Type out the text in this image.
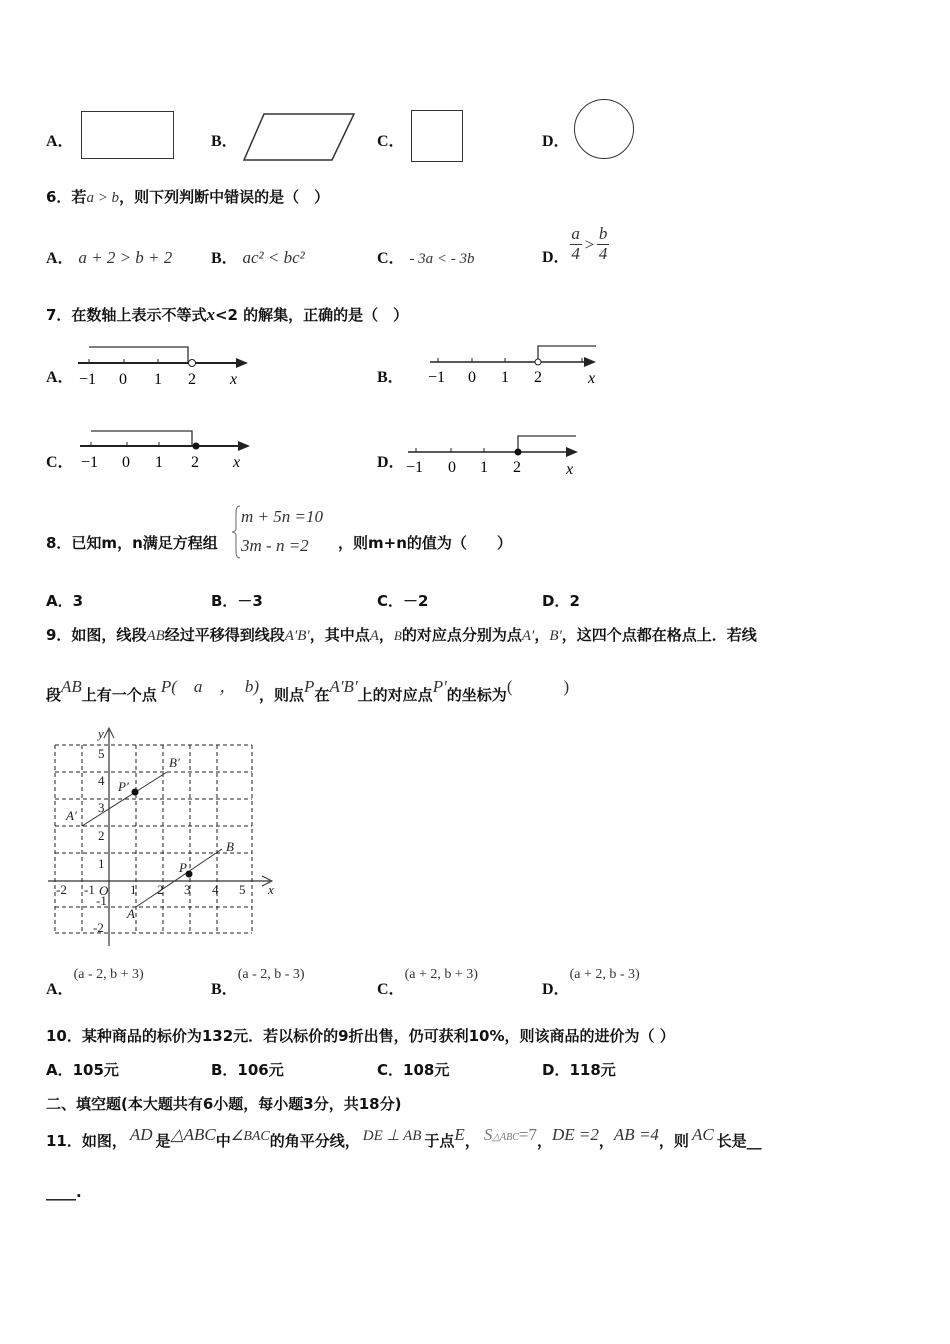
A．	B．	C．	D．
6．若a > b，则下列判断中错误的是（　）
A． a + 2 > b + 2 B． ac² < bc²	C． - 3a < - 3b	D． $\frac{a}{4} > \frac{b}{4}$
7．在数轴上表示不等式x<2 的解集，正确的是（　）
A． −1 0 1 2 x	B． −1 0 1 2	x
C． −1 0 1 2 x	D． −1 0 1 2	x
8．已知m，n满足方程组
m + 5n =10
3m - n =2 ，则m+n的值为（　　）
A．3	B．－3	C．－2	D．2
9．如图，线段AB经过平移得到线段A′B′，其中点A，B的对应点分别为点A′，B′，这四个点都在格点上．若线
段AB上有一个点 P(　a　，　b)，则点P在A′B′上的对应点P′的坐标为(　　　)
A′
B′
P′
P
A
B
x
y
O
-2 -1	1 2 3 4 5
5
4
3
2
1
-1
-2
A．(a - 2, b + 3)
B．(a - 2, b - 3)
C．(a + 2, b + 3)
D．(a + 2, b - 3)
10．某种商品的标价为132元．若以标价的9折出售，仍可获利10%，则该商品的进价为（ ）
A．105元	B．106元	C．108元	D．118元
二、填空题(本大题共有6小题，每小题3分，共18分)
11．如图， AD 是△ABC中∠BAC的角平分线， DE ⊥ AB 于点E， S△ABC=7，DE =2，AB =4，则 AC 长是__
____.
